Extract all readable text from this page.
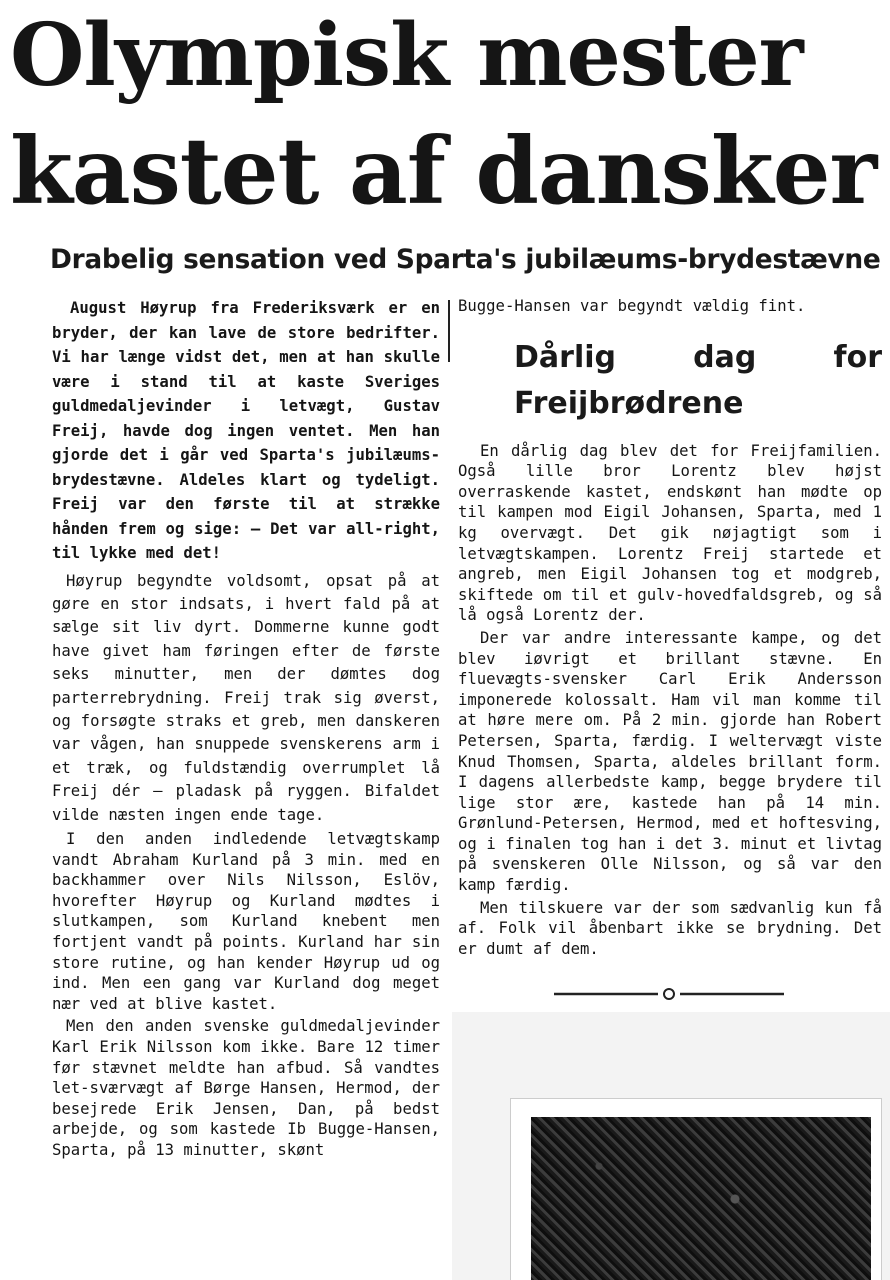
Olympisk mester
kastet af dansker
Drabelig sensation ved Sparta's jubilæums-brydestævne

August Høyrup fra Frederiksværk er en bryder, der kan lave de store bedrifter. Vi har længe vidst det, men at han skulle være i stand til at kaste Sveriges guldmedaljevinder i letvægt, Gustav Freij, havde dog ingen ventet. Men han gjorde det i går ved Sparta's jubilæums-brydestævne. Aldeles klart og tydeligt. Freij var den første til at strække hånden frem og sige: — Det var all-right, til lykke med det!

Høyrup begyndte voldsomt, opsat på at gøre en stor indsats, i hvert fald på at sælge sit liv dyrt. Dommerne kunne godt have givet ham føringen efter de første seks minutter, men der dømtes dog parterrebrydning. Freij trak sig øverst, og forsøgte straks et greb, men danskeren var vågen, han snuppede svenskerens arm i et træk, og fuldstændig overrumplet lå Freij dér — pladask på ryggen. Bifaldet vilde næsten ingen ende tage.

I den anden indledende letvægtskamp vandt Abraham Kurland på 3 min. med en backhammer over Nils Nilsson, Eslöv, hvorefter Høyrup og Kurland mødtes i slutkampen, som Kurland knebent men fortjent vandt på points. Kurland har sin store rutine, og han kender Høyrup ud og ind. Men een gang var Kurland dog meget nær ved at blive kastet.

Men den anden svenske guldmedaljevinder Karl Erik Nilsson kom ikke. Bare 12 timer før stævnet meldte han afbud. Så vandtes let-sværvægt af Børge Hansen, Hermod, der besejrede Erik Jensen, Dan, på bedst arbejde, og som kastede Ib Bugge-Hansen, Sparta, på 13 minutter, skønt

Bugge-Hansen var begyndt vældig fint.

Dårlig dag for Freijbrødrene

En dårlig dag blev det for Freijfamilien. Også lille bror Lorentz blev højst overraskende kastet, endskønt han mødte op til kampen mod Eigil Johansen, Sparta, med 1 kg overvægt. Det gik nøjagtigt som i letvægtskampen. Lorentz Freij startede et angreb, men Eigil Johansen tog et modgreb, skiftede om til et gulv-hovedfaldsgreb, og så lå også Lorentz der.

Der var andre interessante kampe, og det blev iøvrigt et brillant stævne. En fluevægts-svensker Carl Erik Andersson imponerede kolossalt. Ham vil man komme til at høre mere om. På 2 min. gjorde han Robert Petersen, Sparta, færdig. I weltervægt viste Knud Thomsen, Sparta, aldeles brillant form. I dagens allerbedste kamp, begge brydere til lige stor ære, kastede han på 14 min. Grønlund-Petersen, Hermod, med et hoftesving, og i finalen tog han i det 3. minut et livtag på svenskeren Olle Nilsson, og så var den kamp færdig.

Men tilskuere var der som sædvanlig kun få af. Folk vil åbenbart ikke se brydning. Det er dumt af dem.
